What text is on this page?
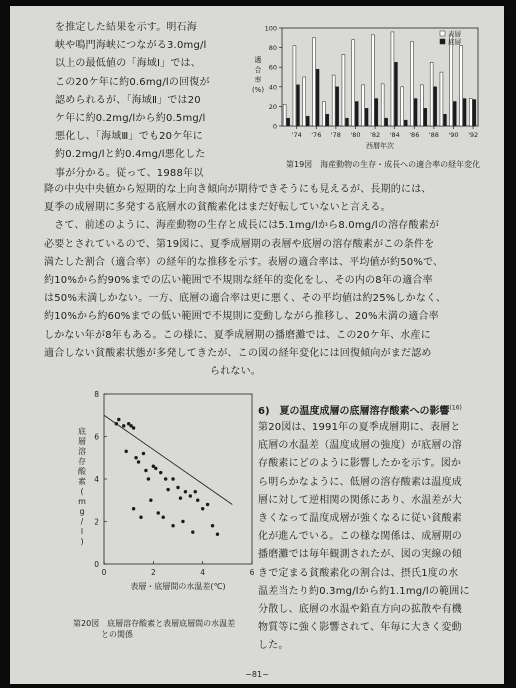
を推定した結果を示す。明石海
峡や鳴門海峡につながる3.0mg/l
以上の最低値の「海域Ⅰ」では、
この20ケ年に約0.6mg/lの回復が
認められるが、「海域Ⅱ」では20
ケ年に約0.2mg/lから約0.5mg/l
悪化し、「海域Ⅲ」でも20ケ年に
約0.2mg/lと約0.4mg/l悪化した
事が分かる。従って、1988年以
0
20
40
60
80
100
'74 '76 '78 '80 '82 '84 '86 '88 '90 '92
西暦年次
適
合
率
(%)
表層
底層
第19図　海産動物の生存・成長への適合率の経年変化
降の中央中央値から短期的な上向き傾向が期待できそうにも見えるが、長期的には、
夏季の成層期に多発する底層水の貧酸素化はまだ好転していないと言える。
　さて、前述のように、海産動物の生存と成長には5.1mg/lから8.0mg/lの溶存酸素が
必要とされているので、第19図に、夏季成層期の表層や底層の溶存酸素がこの条件を
満たした割合（適合率）の経年的な推移を示す。表層の適合率は、平均値が約50%で、
約10%から約90%までの広い範囲で不規則な経年的変化をし、その内の8年の適合率
は50%未満しかない。一方、底層の適合率は更に悪く、その平均値は約25%しかなく、
約10%から約60%までの低い範囲で不規則に変動しながら推移し、20%未満の適合率
しかない年が8年もある。この様に、夏季成層期の播磨灘では、この20ケ年、水産に
適合しない貧酸素状態が多発してきたが、この図の経年変化には回復傾向がまだ認め
られない。
0
2
4
6
8
0	2	4	6
表層・底層間の水温差(℃)
底
層
溶
存
酸
素
(
m
g
/
l
)
第20図　底層溶存酸素と表層底層間の水温差
との関係
6)　夏の温度成層の底層溶存酸素への影響$^{(16)}$
第20図は、1991年の夏季成層期に、表層と
底層の水温差（温度成層の強度）が底層の溶
存酸素にどのように影響したかを示す。図か
ら明らかなように、低層の溶存酸素は温度成
層に対して逆相関の関係にあり、水温差が大
きくなって温度成層が強くなるに従い貧酸素
化が進んでいる。この様な関係は、成層期の
播磨灘では毎年観測されたが、図の実線の傾
きで定まる貧酸素化の割合は、摂氏1度の水
温差当たり約0.3mg/lから約1.1mg/lの範囲に
分散し、底層の水温や鉛直方向の拡散や有機
物質等に強く影響されて、年毎に大きく変動
した。
−81−
